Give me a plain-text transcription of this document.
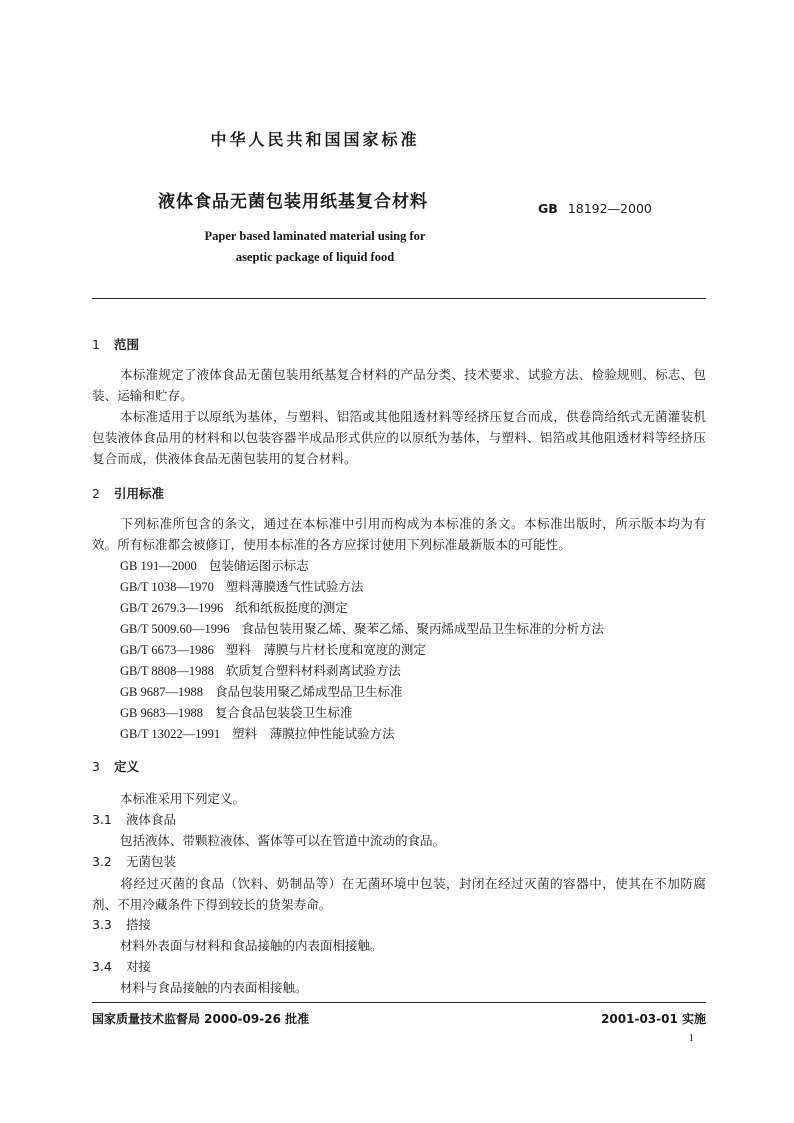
中华人民共和国国家标准
液体食品无菌包装用纸基复合材料	GB 18192—2000
Paper based laminated material using for
aseptic package of liquid food
1 范围
本标准规定了液体食品无菌包装用纸基复合材料的产品分类、技术要求、试验方法、检验规则、标志、包装、运输和贮存。
本标准适用于以原纸为基体，与塑料、铝箔或其他阻透材料等经挤压复合而成，供卷筒给纸式无菌灌装机包装液体食品用的材料和以包装容器半成品形式供应的以原纸为基体，与塑料、铝箔或其他阻透材料等经挤压复合而成，供液体食品无菌包装用的复合材料。
2 引用标准
下列标准所包含的条文，通过在本标准中引用而构成为本标准的条文。本标准出版时，所示版本均为有效。所有标准都会被修订，使用本标准的各方应探讨使用下列标准最新版本的可能性。
GB 191—2000 包装储运图示标志
GB/T 1038—1970 塑料薄膜透气性试验方法
GB/T 2679.3—1996 纸和纸板挺度的测定
GB/T 5009.60—1996 食品包装用聚乙烯、聚苯乙烯、聚丙烯成型品卫生标准的分析方法
GB/T 6673—1986 塑料　薄膜与片材长度和宽度的测定
GB/T 8808—1988 软质复合塑料材料剥离试验方法
GB 9687—1988 食品包装用聚乙烯成型品卫生标准
GB 9683—1988 复合食品包装袋卫生标准
GB/T 13022—1991 塑料　薄膜拉伸性能试验方法
3 定义
本标准采用下列定义。
3.1 液体食品
包括液体、带颗粒液体、酱体等可以在管道中流动的食品。
3.2 无菌包装
将经过灭菌的食品（饮料、奶制品等）在无菌环境中包装，封闭在经过灭菌的容器中，使其在不加防腐剂、不用冷藏条件下得到较长的货架寿命。
3.3 搭接
材料外表面与材料和食品接触的内表面相接触。
3.4 对接
材料与食品接触的内表面相接触。
国家质量技术监督局 2000-09-26 批准	2001-03-01 实施
1
